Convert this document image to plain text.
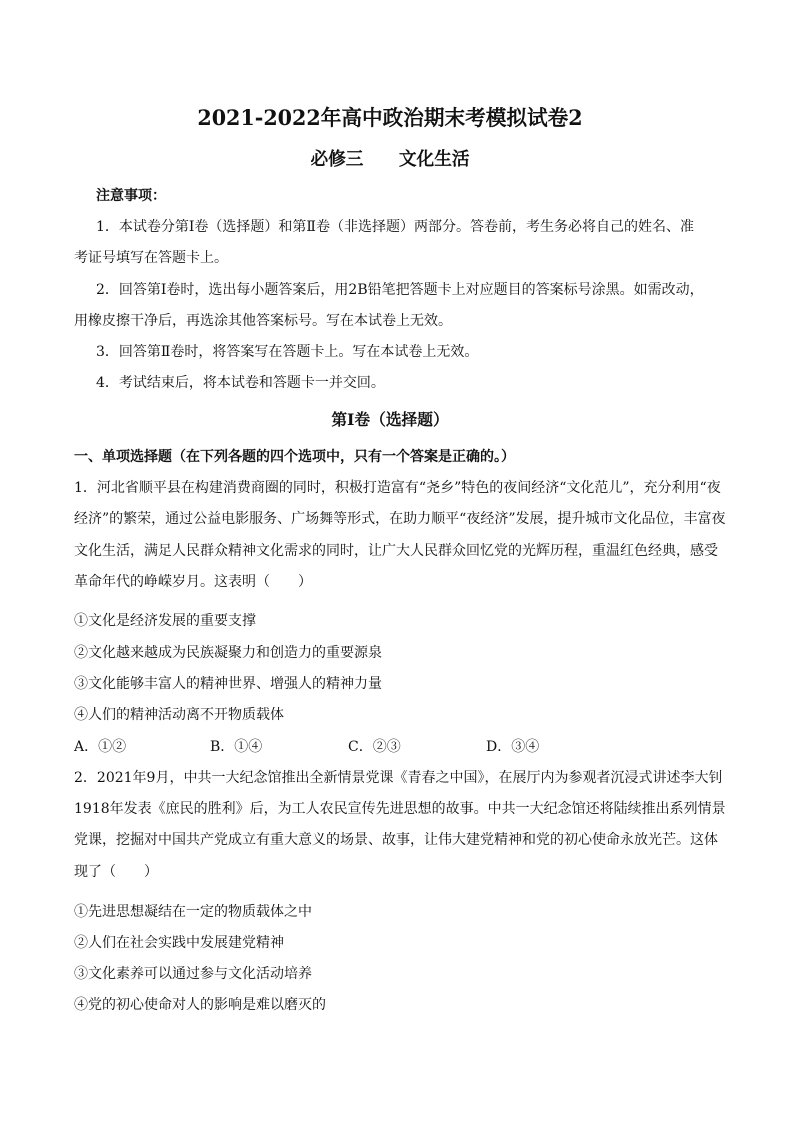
2021-2022年高中政治期末考模拟试卷2
必修三 文化生活
注意事项：
1．本试卷分第Ⅰ卷（选择题）和第Ⅱ卷（非选择题）两部分。答卷前，考生务必将自己的姓名、准
考证号填写在答题卡上。
2．回答第Ⅰ卷时，选出每小题答案后，用2B铅笔把答题卡上对应题目的答案标号涂黑。如需改动，
用橡皮擦干净后，再选涂其他答案标号。写在本试卷上无效。
3．回答第Ⅱ卷时，将答案写在答题卡上。写在本试卷上无效。
4．考试结束后，将本试卷和答题卡一并交回。
第Ⅰ卷（选择题）
一、单项选择题（在下列各题的四个选项中，只有一个答案是正确的。）
1．河北省顺平县在构建消费商圈的同时，积极打造富有“尧乡”特色的夜间经济“文化范儿”，充分利用“夜
经济”的繁荣，通过公益电影服务、广场舞等形式，在助力顺平“夜经济”发展，提升城市文化品位，丰富夜
文化生活，满足人民群众精神文化需求的同时，让广大人民群众回忆党的光辉历程，重温红色经典，感受
革命年代的峥嵘岁月。这表明（　　）
①文化是经济发展的重要支撑
②文化越来越成为民族凝聚力和创造力的重要源泉
③文化能够丰富人的精神世界、增强人的精神力量
④人们的精神活动离不开物质载体
A．①②	B．①④	C．②③	D．③④
2．2021年9月，中共一大纪念馆推出全新情景党课《青春之中国》，在展厅内为参观者沉浸式讲述李大钊
1918年发表《庶民的胜利》后，为工人农民宣传先进思想的故事。中共一大纪念馆还将陆续推出系列情景
党课，挖掘对中国共产党成立有重大意义的场景、故事，让伟大建党精神和党的初心使命永放光芒。这体
现了（　　）
①先进思想凝结在一定的物质载体之中
②人们在社会实践中发展建党精神
③文化素养可以通过参与文化活动培养
④党的初心使命对人的影响是难以磨灭的
